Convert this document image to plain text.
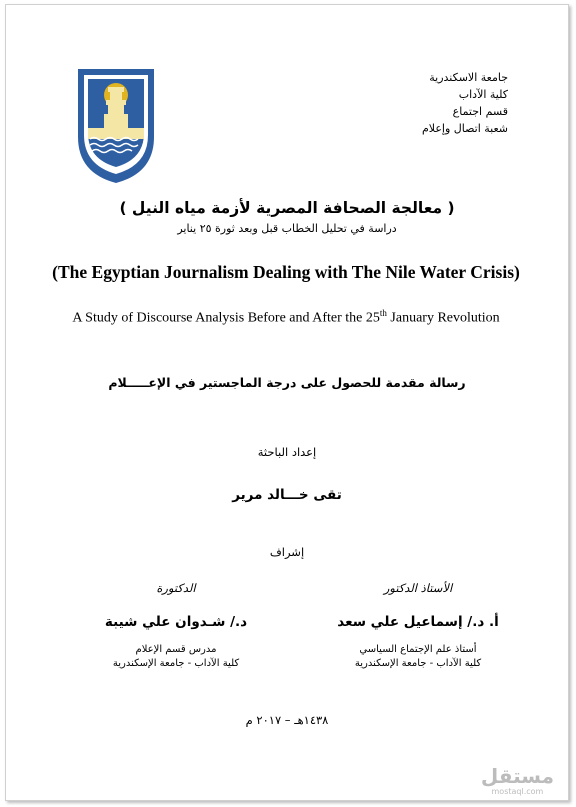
جامعة الاسكندرية
كلية الآداب
قسم اجتماع
شعبة اتصال وإعلام
( معالجة الصحافة المصرية لأزمة مياه النيل )
دراسة في تحليل الخطاب قبل وبعد ثورة ٢٥ يناير
(The Egyptian Journalism Dealing with The Nile Water Crisis)
A Study of Discourse Analysis Before and After the 25th January Revolution
رسالة مقدمة للحصول على درجة الماجستير في الإعـــــلام
إعداد الباحثة
تقى خـــالد مرير
إشراف
الأستاذ الدكتور
أ. د./ إسماعيل علي سعد
أستاذ علم الإجتماع السياسي
كلية الآداب - جامعة الإسكندرية
الدكتورة
د./ شـدوان علي شيبة
مدرس قسم الإعلام
كلية الآداب - جامعة الإسكندرية
١٤٣٨هـ – ٢٠١٧ م
مستقل
mostaql.com
